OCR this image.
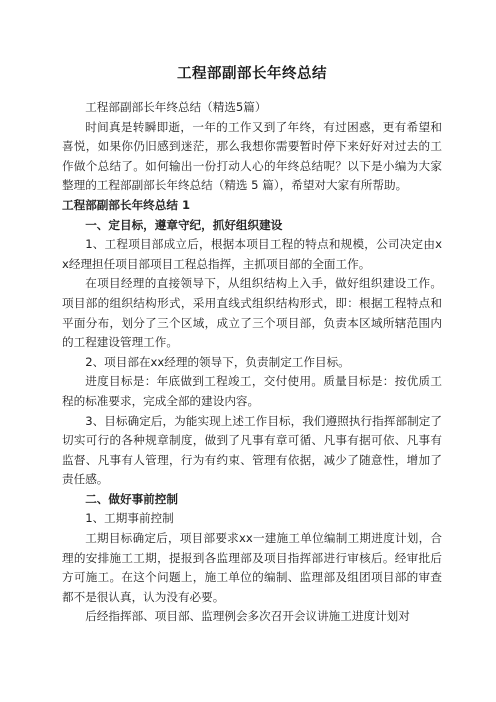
工程部副部长年终总结

工程部副部长年终总结（精选5篇）

时间真是转瞬即逝，一年的工作又到了年终，有过困惑，更有希望和喜悦，如果你仍旧感到迷茫，那么我想你需要暂时停下来好好对过去的工作做个总结了。如何输出一份打动人心的年终总结呢？以下是小编为大家整理的工程部副部长年终总结（精选 5 篇），希望对大家有所帮助。

工程部副部长年终总结 1

一、定目标，遵章守纪，抓好组织建设

1、工程项目部成立后，根据本项目工程的特点和规模，公司决定由xx经理担任项目部项目工程总指挥，主抓项目部的全面工作。

在项目经理的直接领导下，从组织结构上入手，做好组织建设工作。项目部的组织结构形式，采用直线式组织结构形式，即：根据工程特点和平面分布，划分了三个区域，成立了三个项目部，负责本区域所辖范围内的工程建设管理工作。

2、项目部在xx经理的领导下，负责制定工作目标。

进度目标是：年底做到工程竣工，交付使用。质量目标是：按优质工程的标准要求，完成全部的建设内容。

3、目标确定后，为能实现上述工作目标，我们遵照执行指挥部制定了切实可行的各种规章制度，做到了凡事有章可循、凡事有据可依、凡事有监督、凡事有人管理，行为有约束、管理有依据，减少了随意性，增加了责任感。

二、做好事前控制

1、工期事前控制

工期目标确定后，项目部要求xx一建施工单位编制工期进度计划，合理的安排施工工期，提报到各监理部及项目指挥部进行审核后。经审批后方可施工。在这个问题上，施工单位的编制、监理部及组团项目部的审查都不是很认真，认为没有必要。

后经指挥部、项目部、监理例会多次召开会议讲施工进度计划对
